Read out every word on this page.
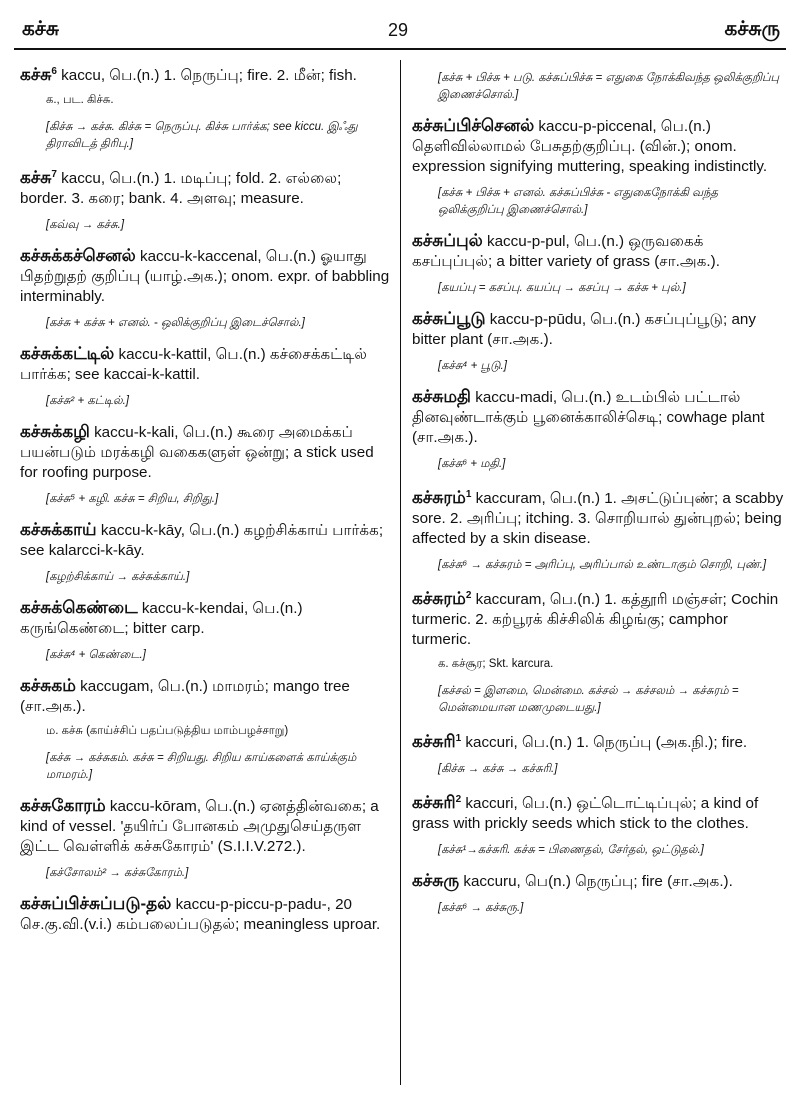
கச்சு	29	கச்சுரு

கச்சு$^6$ kaccu, பெ.(n.) 1. நெருப்பு; fire. 2. மீன்; fish.

க., பட. கிச்சு.
[கிச்சு → கச்சு. கிச்சு = நெருப்பு. கிச்சு பார்க்க; see kiccu. இஃது திராவிடத் திரிபு.]

கச்சு$^7$ kaccu, பெ.(n.) 1. மடிப்பு; fold. 2. எல்லை; border. 3. கரை; bank. 4. அளவு; measure.

[கவ்வு → கச்சு.]

கச்சுக்கச்செனல் kaccu-k-kaccenal, பெ.(n.) ஓயாது பிதற்றுதற் குறிப்பு (யாழ்.அக.); onom. expr. of babbling interminably.

[கச்சு + கச்சு + எனல். - ஒலிக்குறிப்பு இடைச்சொல்.]

கச்சுக்கட்டில் kaccu-k-kattil, பெ.(n.) கச்சைக்கட்டில் பார்க்க; see kaccai-k-kattil.

[கச்சு² + கட்டில்.]

கச்சுக்கழி kaccu-k-kali, பெ.(n.) கூரை அமைக்கப் பயன்படும் மரக்கழி வகைகளுள் ஒன்று; a stick used for roofing purpose.

[கச்சு⁵ + கழி. கச்சு = சிறிய, சிறிது.]

கச்சுக்காய் kaccu-k-kāy, பெ.(n.) கழற்சிக்காய் பார்க்க; see kalarcci-k-kāy.

[கழற்சிக்காய் → கச்சுக்காய்.]

கச்சுக்கெண்டை kaccu-k-kendai, பெ.(n.) கருங்கெண்டை; bitter carp.

[கச்சு⁴ + கெண்டை.]

கச்சுகம் kaccugam, பெ.(n.) மாமரம்; mango tree (சா.அக.).

ம. கச்சு (காய்ச்சிப் பதப்படுத்திய மாம்பழச்சாறு)
[கச்சு → கச்சுகம். கச்சு = சிறியது. சிறிய காய்களைக் காய்க்கும் மாமரம்.]

கச்சுகோரம் kaccu-kōram, பெ.(n.) ஏனத்தின்வகை; a kind of vessel. 'தயிர்ப் போனகம் அமுதுசெய்தருள இட்ட வெள்ளிக் கச்சுகோரம்' (S.I.I.V.272.).

[கச்சோலம்² → கச்சுகோரம்.]

கச்சுப்பிச்சுப்படு-தல் kaccu-p-piccu-p-padu-, 20 செ.கு.வி.(v.i.) கம்பலைப்படுதல்; meaningless uproar.

[கச்சு + பிச்சு + படு. கச்சுப்பிச்சு = எதுகை நோக்கிவந்த ஒலிக்குறிப்பு இணைச்சொல்.]

கச்சுப்பிச்செனல் kaccu-p-piccenal, பெ.(n.) தெளிவில்லாமல் பேசுதற்குறிப்பு. (வின்.); onom. expression signifying muttering, speaking indistinctly.

[கச்சு + பிச்சு + எனல். கச்சுப்பிச்சு - எதுகைநோக்கி வந்த ஒலிக்குறிப்பு இணைச்சொல்.]

கச்சுப்புல் kaccu-p-pul, பெ.(n.) ஒருவகைக் கசப்புப்புல்; a bitter variety of grass (சா.அக.).

[கயப்பு = கசப்பு. கயப்பு → கசப்பு → கச்சு + புல்.]

கச்சுப்பூடு kaccu-p-pūdu, பெ.(n.) கசப்புப்பூடு; any bitter plant (சா.அக.).

[கச்சு⁴ + பூடு.]

கச்சுமதி kaccu-madi, பெ.(n.) உடம்பில் பட்டால் தினவுண்டாக்கும் பூனைக்காலிச்செடி; cowhage plant (சா.அக.).

[கச்சு⁶ + மதி.]

கச்சுரம்$^1$ kaccuram, பெ.(n.) 1. அசட்டுப்புண்; a scabby sore. 2. அரிப்பு; itching. 3. சொறியால் துன்புறல்; being affected by a skin disease.

[கச்சு⁶ → கச்சுரம் = அரிப்பு, அரிப்பால் உண்டாகும் சொறி, புண்.]

கச்சுரம்$^2$ kaccuram, பெ.(n.) 1. கத்தூரி மஞ்சள்; Cochin turmeric. 2. கற்பூரக் கிச்சிலிக் கிழங்கு; camphor turmeric.

க. கச்சூர; Skt. karcura.
[கச்சல் = இளமை, மென்மை. கச்சல் → கச்சலம் → கச்சுரம் = மென்மையான மணமுடையது.]

கச்சுரி$^1$ kaccuri, பெ.(n.) 1. நெருப்பு (அக.நி.); fire.

[கிச்சு → கச்சு → கச்சுரி.]

கச்சுரி$^2$ kaccuri, பெ.(n.) ஒட்டொட்டிப்புல்; a kind of grass with prickly seeds which stick to the clothes.

[கச்சு¹→கச்சுரி. கச்சு = பிணைதல், சேர்தல், ஒட்டுதல்.]

கச்சுரு kaccuru, பெ(n.) நெருப்பு; fire (சா.அக.).

[கச்சு⁶ → கச்சுரு.]
